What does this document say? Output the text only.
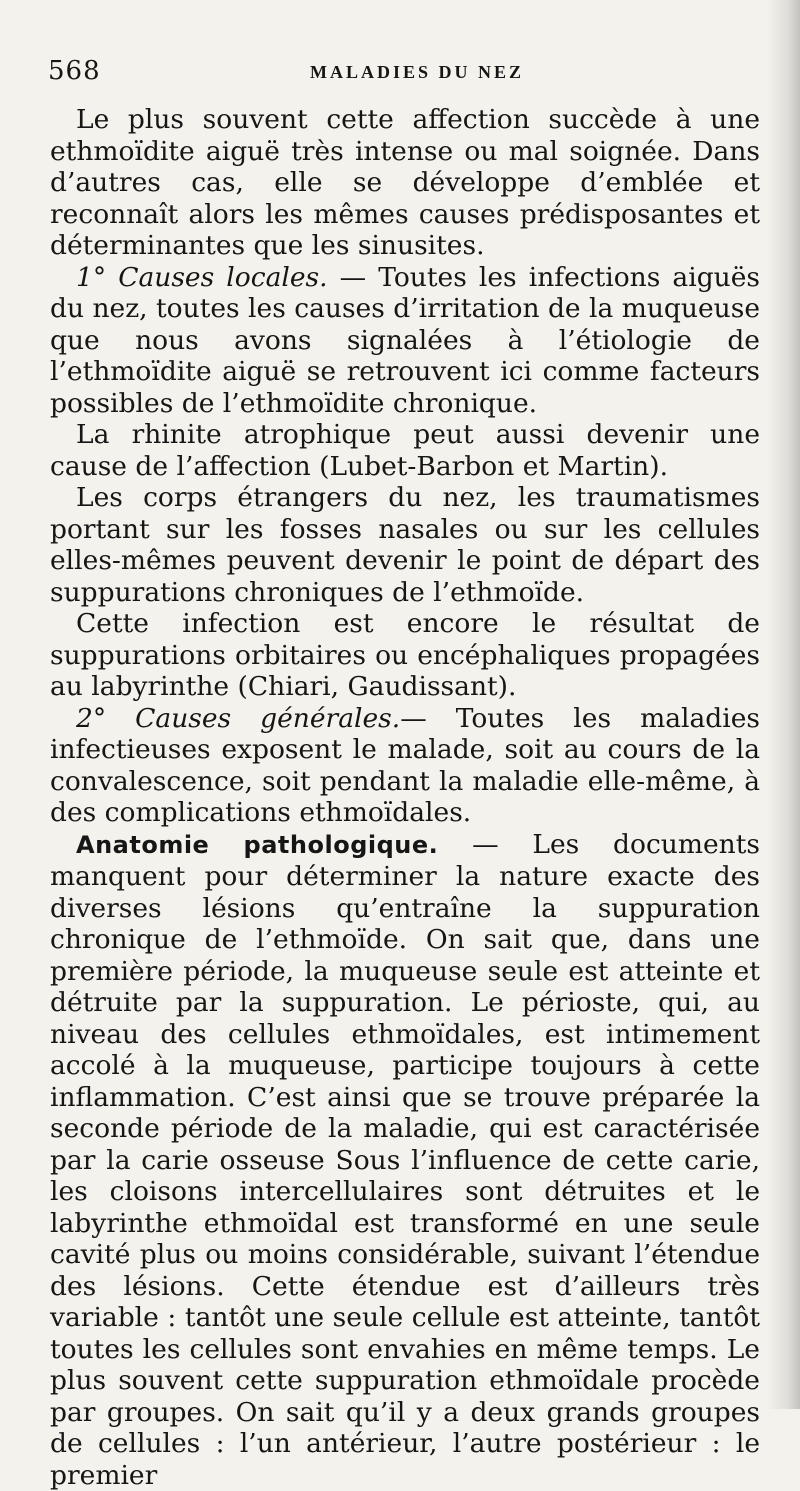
568	MALADIES DU NEZ

Le plus souvent cette affection succède à une ethmoïdite aiguë très intense ou mal soignée. Dans d’autres cas, elle se développe d’emblée et reconnaît alors les mêmes causes prédisposantes et déterminantes que les sinusites.

1° Causes locales. — Toutes les infections aiguës du nez, toutes les causes d’irritation de la muqueuse que nous avons signalées à l’étiologie de l’ethmoïdite aiguë se retrouvent ici comme facteurs possibles de l’ethmoïdite chronique.

La rhinite atrophique peut aussi devenir une cause de l’affection (Lubet-Barbon et Martin).

Les corps étrangers du nez, les traumatismes portant sur les fosses nasales ou sur les cellules elles-mêmes peuvent devenir le point de départ des suppurations chroniques de l’ethmoïde.

Cette infection est encore le résultat de suppurations orbitaires ou encéphaliques propagées au labyrinthe (Chiari, Gaudissant).

2° Causes générales.— Toutes les maladies infectieuses exposent le malade, soit au cours de la convalescence, soit pendant la maladie elle-même, à des complications ethmoïdales.

Anatomie pathologique. — Les documents manquent pour déterminer la nature exacte des diverses lésions qu’entraîne la suppuration chronique de l’ethmoïde. On sait que, dans une première période, la muqueuse seule est atteinte et détruite par la suppuration. Le périoste, qui, au niveau des cellules ethmoïdales, est intimement accolé à la muqueuse, participe toujours à cette inflammation. C’est ainsi que se trouve préparée la seconde période de la maladie, qui est caractérisée par la carie osseuse Sous l’influence de cette carie, les cloisons intercellulaires sont détruites et le labyrinthe ethmoïdal est transformé en une seule cavité plus ou moins considérable, suivant l’étendue des lésions. Cette étendue est d’ailleurs très variable : tantôt une seule cellule est atteinte, tantôt toutes les cellules sont envahies en même temps. Le plus souvent cette suppuration ethmoïdale procède par groupes. On sait qu’il y a deux grands groupes de cellules : l’un antérieur, l’autre postérieur : le premier
